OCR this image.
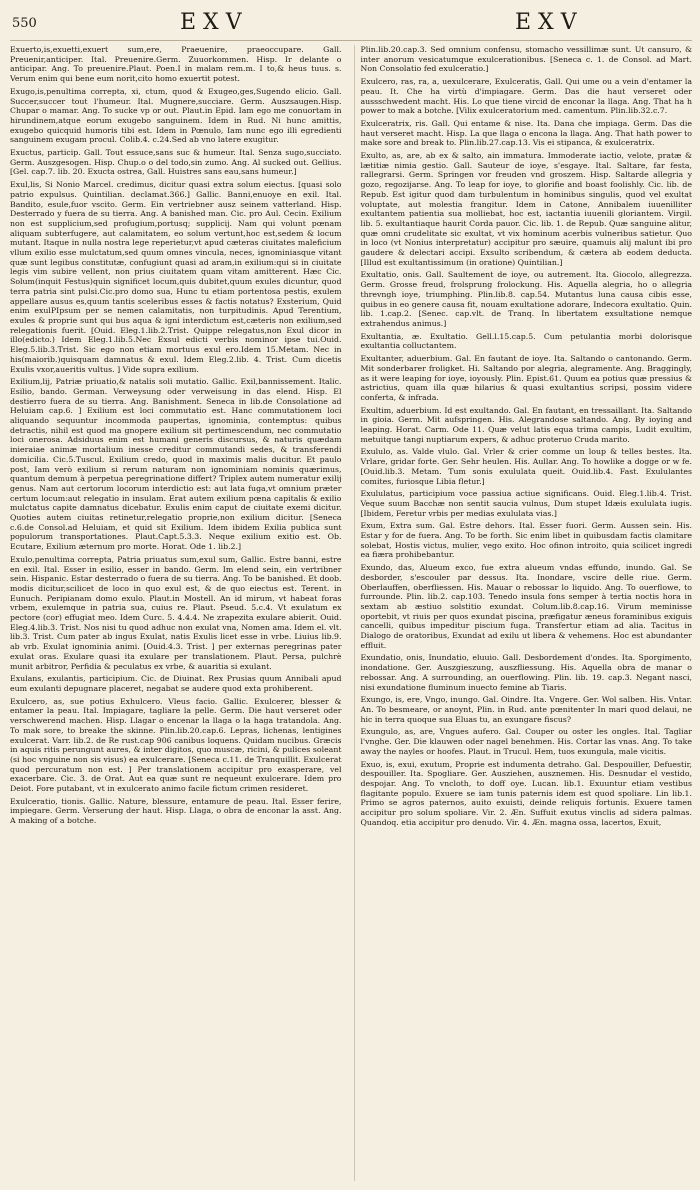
550	EXV	EXV

Exuerto,is,exuetti,exuert sum,ere, Praeuenire, praeoccupare. Gall. Preuenir,anticiper. Ital. Preuenire.Germ. Zuuorkommen. Hisp. Ir delante o anticipar. Ang. To preuenire.Plaut. Poen.I in malam rem.m. I to,& heus tuus. s. Verum enim qui bene eum norit,cito homo exuertit potest.

Exugo,is,penultima correpta, xi, ctum, quod & Exugeo,ges,Sugendo elicio. Gall. Succer,succer tout l'humeur. Ital. Mugnere,succiare. Germ. Auszsaugen.Hisp. Chupar o mamar. Ang. To sucke vp or out. Plaut.in Epid. Iam ego me conuortam in hirundinem,atque eorum exugebo sanguinem. Idem in Rud. Ni hunc amittis, exugebo quicquid humoris tibi est. Idem in Pœnulo, Iam nunc ego illi egredienti sanguinem exugam procul. Colib.4. c.24.Sed ab vno latere exugitur.

Exuctus, particip. Gall. Tout essuce,sans suc & humeur. Ital. Senza sugo,succiato. Germ. Auszgesogen. Hisp. Chup.o o del todo,sin zumo. Ang. Al sucked out. Gellius. [Gel. cap.7. lib. 20. Exucta ostrea, Gall. Huistres sans eau,sans humeur.]

Exul,lis, Si Nonio Marcel. credimus, dicitur quasi extra solum eiectus. [quasi solo patrio expulsus. Quintilian. declamat.366.] Gallic. Banni,enuoye en exil. Ital. Bandito, esule,fuor vscito. Germ. Ein vertriebner ausz seinem vatterland. Hisp. Desterrado y fuera de su tierra. Ang. A banished man. Cic. pro Aul. Cecin. Exilium non est supplicium,sed profugium,portusq; supplicij. Nam qui volunt pœnam aliquam subterfugere, aut calamitatem, eo solum vertunt,hoc est,sedem & locum mutant. Itaque in nulla nostra lege reperietur,vt apud cæteras ciuitates maleficium vllum exilio esse mulctatum,sed quum omnes vincula, neces, ignominiasque vitant quæ sunt legibus constitutæ, confugiunt quasi ad aram,in exilium:qui si in ciuitate legis vim subire vellent, non prius ciuitatem quam vitam amitterent. Hæc Cic. Solum(inquit Festus)quin significet locum,quis dubitet,quum exules dicuntur, quod terra patria sint pulsi.Cic.pro domo sua, Hunc tu etiam portentosa pestis, exulem appellare ausus es,quum tantis sceleribus esses & factis notatus? Exsterium, Quid enim exulPIpsum per se nemen calamitatis, non turpitudinis. Apud Terentium, exules & proprie sunt qui bus aqua & igni interdictum est,cæteris non exilium,sed relegationis fuerit. [Ouid. Eleg.1.lib.2.Trist. Quippe relegatus,non Exul dicor in illo(edicto.) Idem Eleg.1.lib.5.Nec Exsul edicti verbis nominor ipse tui.Ouid. Eleg.5.lib.3.Trist. Sic ego non etiam mortuus exul ero.Idem 15.Metam. Nec in his(maiorib.)quisquam damnatus & exul. Idem Eleg.2.lib. 4. Trist. Cum dicetis Exulis vxor,aueritis vultus. ] Vide supra exilium.

Exilium,lij, Patriæ priuatio,& natalis soli mutatio. Gallic. Exil,bannissement. Italic. Esilio, bando. German. Verweysung oder verweisung in das elend. Hisp. El destierro fuera de su tierra. Ang. Banishment. Seneca in lib.de Consolatione ad Heluiam cap.6. ] Exilium est loci commutatio est. Hanc commutationem loci aliquando sequuntur incommoda paupertas, ignominia, contemptus: quibus detractis, nihil est quod ma gnopere exilium sit pertimescendum, nec commutatio loci onerosa. Adsiduus enim est humani generis discursus, & naturis quædam inieraiae animæ mortalium inesse creditur commutandi sedes, & transferendi domicilia. Cic.5.Tuscul. Exilium credo, quod in maximis malis ducitur. Et paulo post, Iam verò exilium si rerum naturam non ignominiam nominis quærimus, quantum demum à perpetua peregrinatione differt? Triplex autem numeratur exilij genus. Nam aut certorum locorum interdictio est: aut lata fuga,vt omnium præter certum locum:aut relegatio in insulam. Erat autem exilium pœna capitalis & exilio mulctatus capite damnatus dicebatur. Exulis enim caput de ciuitate exemi dicitur. Quoties autem ciuitas retinetur,relegatio proprie,non exilium dicitur. [Seneca c.6.de Consol.ad Heluiam, et quid sit Exilium. Idem ibidem Exilia publica sunt populorum transportationes. Plaut.Capt.5.3.3. Neque exilium exitio est. Ob. Ecutare, Exilium æternum pro morte. Horat. Ode 1. lib.2.]

Exulo,penultima correpta, Patria priuatus sum,exul sum, Gallic. Estre banni, estre en exil. Ital. Esser in esilio, esser in bando. Germ. Im elend sein, ein vertribner sein. Hispanic. Estar desterrado o fuera de su tierra. Ang. To be banished. Et doob. modis dicitur,scilicet de loco in quo exul est, & de quo eiectus est. Terent. in Eunuch. Peripianam domo exulo. Plaut.in Mostell. An id mirum, vt habeat foras vrbem, exulemque in patria sua, cuius re. Plaut. Pseud. 5.c.4. Vt exulatum ex pectore (cor) effugiat meo. Idem Curc. 5. 4.4.4. Ne zrapezita exulare abierit. Ouid. Eleg.4.lib.3. Trist. Nos nisi tu quod adhuc non exulat vna, Nomen ama. Idem el. vlt. lib.3. Trist. Cum pater ab ingus Exulat, natis Exulis licet esse in vrbe. Liuius lib.9. ab vrb. Exulat ignominia animi. [Ouid.4.3. Trist. ] per externas peregrinas pater exulat oras. Exulare quasi ita exulare per translationem. Plaut. Persa, pulchrè munit arbitror, Perfidia & peculatus ex vrbe, & auaritia si exulant.

Exulans, exulantis, participium. Cic. de Diuinat. Rex Prusias quum Annibali apud eum exulanti depugnare placeret, negabat se audere quod exta prohiberent.

Exulcero, as, sue potius Exhulcero. Vleus facio. Gallic. Exulcerer, blesser & entamer la peau. Ital. Impiagare, tagliare la pelle. Germ. Die haut verseret oder verschwerend machen. Hisp. Llagar o encenar la llaga o la haga tratandola. Ang. To mak sore, to breake the skinne. Plin.lib.20.cap.6. Lepras, lichenas, lentigines exulcerat. Varr. lib.2. de Re rust.cap 906 canibus loquens. Quidam nucibus. Græcis in aquis ritis perungunt aures, & inter digitos, quo muscæ, ricini, & pulices soleant (si hoc vnguine non sis visus) ea exulcerare. [Seneca c.11. de Tranquillit. Exulcerat quod percuratum non est. ] Per translationem accipitur pro exasperare, vel exacerbare. Cic. 3. de Orat. Aut ea quæ sunt re nequeunt exulcerare. Idem pro Deiot. Fore putabant, vt in exulcerato animo facile fictum crimen resideret.

Exulceratio, tionis. Gallic. Nature, blessure, entamure de peau. Ital. Esser ferire, impiegare. Germ. Verserung der haut. Hisp. Llaga, o obra de enconar la asst. Ang. A making of a botche.

Plin.lib.20.cap.3. Sed omnium confensu, stomacho vessillimæ sunt. Ut cansuro, & inter anorum vesicatumque exulcerationibus. [Seneca c. 1. de Consol. ad Mart. Non Consolatio fed exulceratio.]

Exulcero, ras, ra, a, uexulcerare, Exulceratis, Gall. Qui ume ou a vein d'entamer la peau. It. Che ha virtù d'impiagare. Germ. Das die haut verseret oder aussschwedent macht. His. Lo que tiene vircid de enconar la llaga. Ang. That ha h power to mak a botche. [Vilix exulceratorium med. camentum. Plin.lib.32.c.7.

Exulceratrix, ris. Gall. Qui entame & nise. Ita. Dana che impiaga. Germ. Das die haut verseret macht. Hisp. La que llaga o encona la llaga. Ang. That hath power to make sore and break to. Plin.lib.27.cap.13. Vis ei stipanca, & exulceratrix.

Exulto, as, are, ab ex & salto, ain immatura. Immoderate iactio, velote, pratæ & lætitiæ nimia gestio. Gall. Sauteur de ioye, s'esgaye. Ital. Saltare, far festa, rallegrarsi. Germ. Springen vor freuden vnd groszem. Hisp. Saltarde allegria y gozo, regozijarse. Ang. To leap for ioye, to glorifie and boast foolishly. Cic. lib. de Repub. Est igitur quod dam turbulentum in hominibus singulis, quod vel exultat voluptate, aut molestia frangitur. Idem in Catone, Annibalem iuuenilliter exultantem patientia sua molliebat, hoc est, iactantia iuuenili gloriantem. Virgil. lib. 5. exultantiaque haurit Corda pauor. Cic. lib. 1. de Repub. Quæ sanguine alitur, quæ omni crudelitate sic exultat, vt vix hominum acerbis vulneribus satietur. Quo in loco (vt Nonius interpretatur) accipitur pro sæuire, quamuis alij malunt ibi pro gaudere & delectari accipi. Exsulto scribendum, & cætera ab eodem deducta. [Illud est exultantissimum (in oratione) Quintilian.]

Exultatio, onis. Gall. Saultement de ioye, ou autrement. Ita. Giocolo, allegrezza. Germ. Grosse freud, frolsprung frolockung. His. Aquella alegria, ho o allegria threvngh ioye, triumphing. Plin.lib.8. cap.54. Mutantus luna causa cibis esse, quibus in eo genere causa fit, nouam exultatione adorare, Indecora exultatio. Quin. lib. 1.cap.2. [Senec. cap.vlt. de Tranq. In libertatem exsultatione nemque extrahendus animus.]

Exultantia, æ. Exultatio. Gell.l.15.cap.5. Cum petulantia morbi dolorisque exultantia colluctantem.

Exultanter, aduerbium. Gal. En fautant de ioye. Ita. Saltando o cantonando. Germ. Mit sonderbarer froligket. Hi. Saltando por alegria, alegramente. Ang. Braggingly, as it were leaping for ioye, ioyously. Plin. Epist.61. Quum ea potius quæ pressius & astrictius, quam illa quæ hilarius & quasi exultantius scripsi, possim videre conferta, & infrada.

Exultim, aduerbium. Id est exultando. Gal. En fautant, en tressaillant. Ita. Saltando in gioia. Germ. Mit aufspringen. His. Alegrandose saltando. Ang. By ioying and leaping. Horat. Carm. Ode 11. Quæ velut latis equa trima campis, Ludit exultim, metuitque tangi nuptiarum expers, & adhuc proteruo Cruda marito.

Exululo, as. Valde vlulo. Gal. Vrler & crier comme un loup & telles bestes. Ita. Vrlare, gridar forte. Ger. Sehr heulen. His. Aullar. Ang. To howlike a dogge or w fe. [Ouid.lib.3. Metam. Tum sonis exululata queit. Ouid.lib.4. Fast. Exululantes comites, furiosque Libia fletur.]

Exululatus, participium voce passiua actiue significans. Ouid. Eleg.1.lib.4. Trist. Veque suum Bacchæ non sentit saucia vulnus, Dum stupet Idæis exululata iugis. [Ibidem, Feretur vrbis per medias exululata vias.]

Exum, Extra sum. Gal. Estre dehors. Ital. Esser fuori. Germ. Aussen sein. His. Estar y for de fuera. Ang. To be forth. Sic enim libet in quibusdam factis clamitare solebat, Hostis victus, mulier, vego exito. Hoc ofinon introito, quia scilicet ingredi ea fiæra prohibebantur.

Exundo, das, Alueum exco, fue extra alueum vndas effundo, inundo. Gal. Se desborder, s'escouler par dessus. Ita. Inondare, vscire delle riue. Germ. Oberlauffen, oberfliessen. His. Mauar o rebossar lo liquido. Ang. To ouerflowe, to furrounde. Plin. lib.2. cap.103. Tenedo insula fons semper à tertia noctis hora in sextam ab æstiuo solstitio exundat. Colum.lib.8.cap.16. Virum meminisse oportebit, vt riuis per quos exundat piscina, præfigatur æneus foraminibus exiguis cancelli, quibus impeditur piscium fuga. Transfertur etiam ad alia. Tacitus in Dialogo de oratoribus, Exundat ad exilu ut libera & vehemens. Hoc est abundanter effluit.

Exundatio, onis, Inundatio, eluuio. Gall. Desbordement d'ondes. Ita. Sporgimento, inondatione. Ger. Auszgieszung, auszfliessung. His. Aquella obra de manar o rebossar. Ang. A surrounding, an ouerflowing. Plin. lib. 19. cap.3. Negant nasci, nisi exundatione fluminum inuecto femine ab Tiaris.

Exungo, is, ere, Vngo, inungo. Gal. Oindre. Ita. Vngere. Ger. Wol salben. His. Vntar. An. To besmeare, or anoynt, Plin. in Rud. ante pœnitenter In mari quod delaui, ne hic in terra quoque sua Eluas tu, an exungare fiscus?

Exungulo, as, are, Vngues aufero. Gal. Couper ou oster les ongles. Ital. Tagliar l'vnghe. Ger. Die klauwen oder nagel benehmen. His. Cortar las vnas. Ang. To take away the nayles or hoofes. Plaut. in Trucul. Hem, tuos exungula, male vicitis.

Exuo, is, exui, exutum, Proprie est indumenta detraho. Gal. Despouiller, Defuestir, despouiller. Ita. Spogliare. Ger. Ausziehen, ausznemen. His. Desnudar el vestido, despojar. Ang. To vncloth, to doff oye. Lucan. lib.1. Exuuntur etiam vestibus flagitante populo. Exuere se iam tunis paternis idem est quod spoliare. Lin lib.1. Primo se agros paternos, auito exuisti, deinde reliquis fortunis. Exuere tamen accipitur pro solum spoliare. Vir. 2. Æn. Suffuit exutus vinclis ad sidera palmas. Quandoq. etia accipitur pro denudo. Vir. 4. Æn. magna ossa, lacertos, Exuit,
